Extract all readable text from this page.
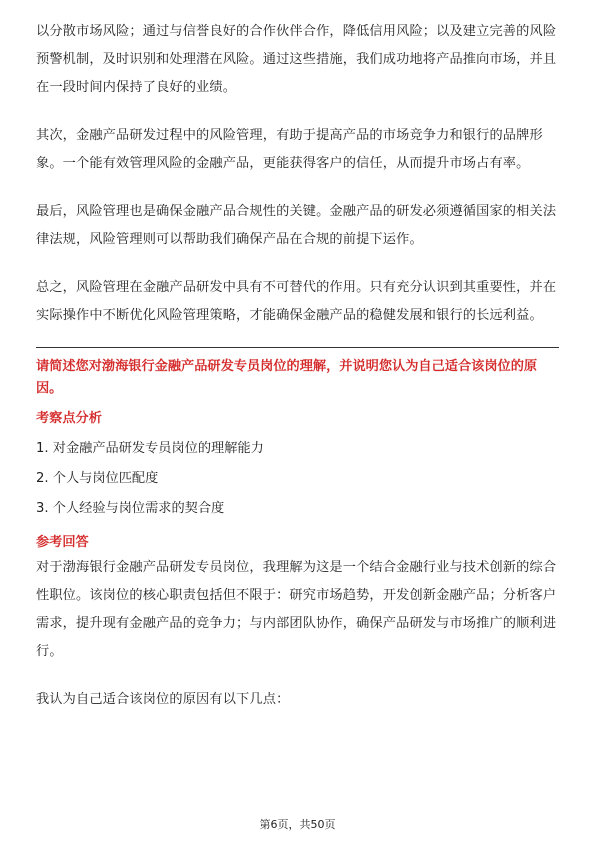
以分散市场风险；通过与信誉良好的合作伙伴合作，降低信用风险；以及建立完善的风险预警机制，及时识别和处理潜在风险。通过这些措施，我们成功地将产品推向市场，并且在一段时间内保持了良好的业绩。

其次，金融产品研发过程中的风险管理，有助于提高产品的市场竞争力和银行的品牌形象。一个能有效管理风险的金融产品，更能获得客户的信任，从而提升市场占有率。

最后，风险管理也是确保金融产品合规性的关键。金融产品的研发必须遵循国家的相关法律法规，风险管理则可以帮助我们确保产品在合规的前提下运作。

总之，风险管理在金融产品研发中具有不可替代的作用。只有充分认识到其重要性，并在实际操作中不断优化风险管理策略，才能确保金融产品的稳健发展和银行的长远利益。

请简述您对渤海银行金融产品研发专员岗位的理解，并说明您认为自己适合该岗位的原因。

考察点分析

1. 对金融产品研发专员岗位的理解能力
2. 个人与岗位匹配度
3. 个人经验与岗位需求的契合度

参考回答

对于渤海银行金融产品研发专员岗位，我理解为这是一个结合金融行业与技术创新的综合性职位。该岗位的核心职责包括但不限于：研究市场趋势，开发创新金融产品；分析客户需求，提升现有金融产品的竞争力；与内部团队协作，确保产品研发与市场推广的顺利进行。

我认为自己适合该岗位的原因有以下几点：

第6页，共50页
